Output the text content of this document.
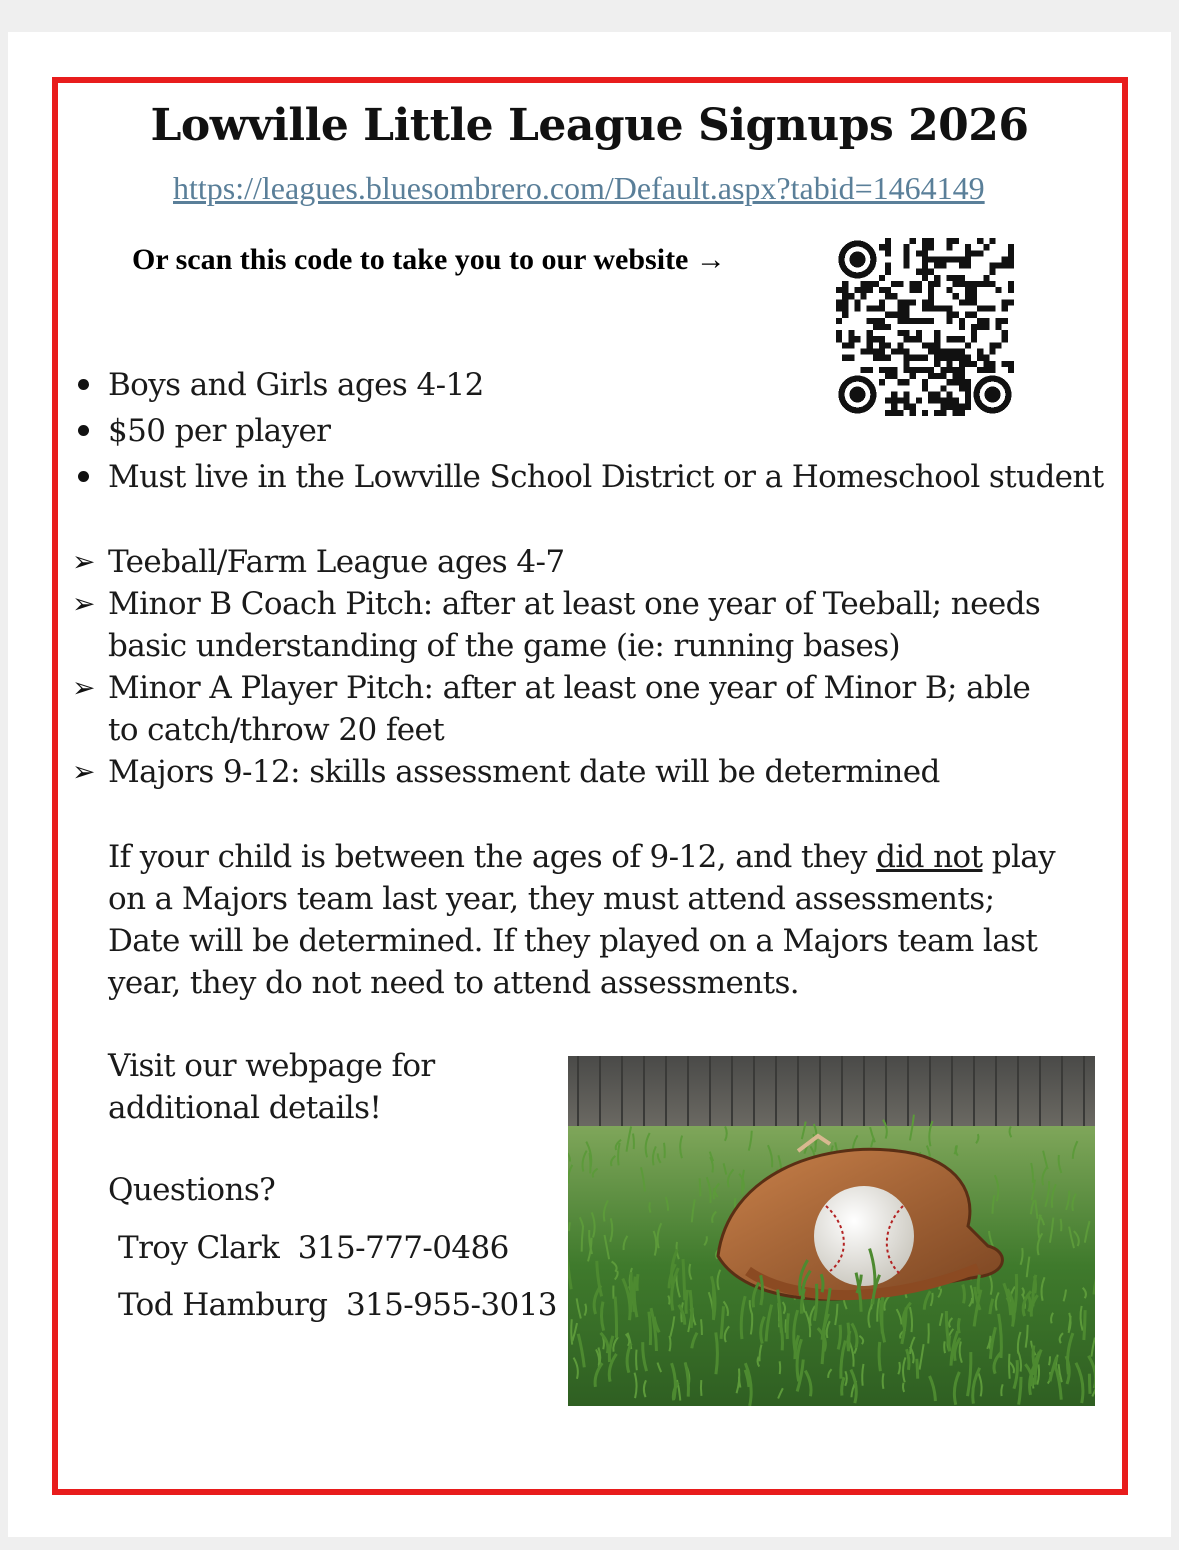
Lowville Little League Signups 2026
https://leagues.bluesombrero.com/Default.aspx?tabid=1464149
Or scan this code to take you to our website →
Boys and Girls ages 4-12
$50 per player
Must live in the Lowville School District or a Homeschool student
➢ Teeball/Farm League ages 4-7
➢ Minor B Coach Pitch: after at least one year of Teeball; needs basic understanding of the game (ie: running bases)
➢ Minor A Player Pitch: after at least one year of Minor B; able to catch/throw 20 feet
➢ Majors 9-12: skills assessment date will be determined

If your child is between the ages of 9-12, and they did not play on a Majors team last year, they must attend assessments; Date will be determined. If they played on a Majors team last year, they do not need to attend assessments.

Visit our webpage for
additional details!

Questions?

Troy Clark 315-777-0486

Tod Hamburg 315-955-3013
